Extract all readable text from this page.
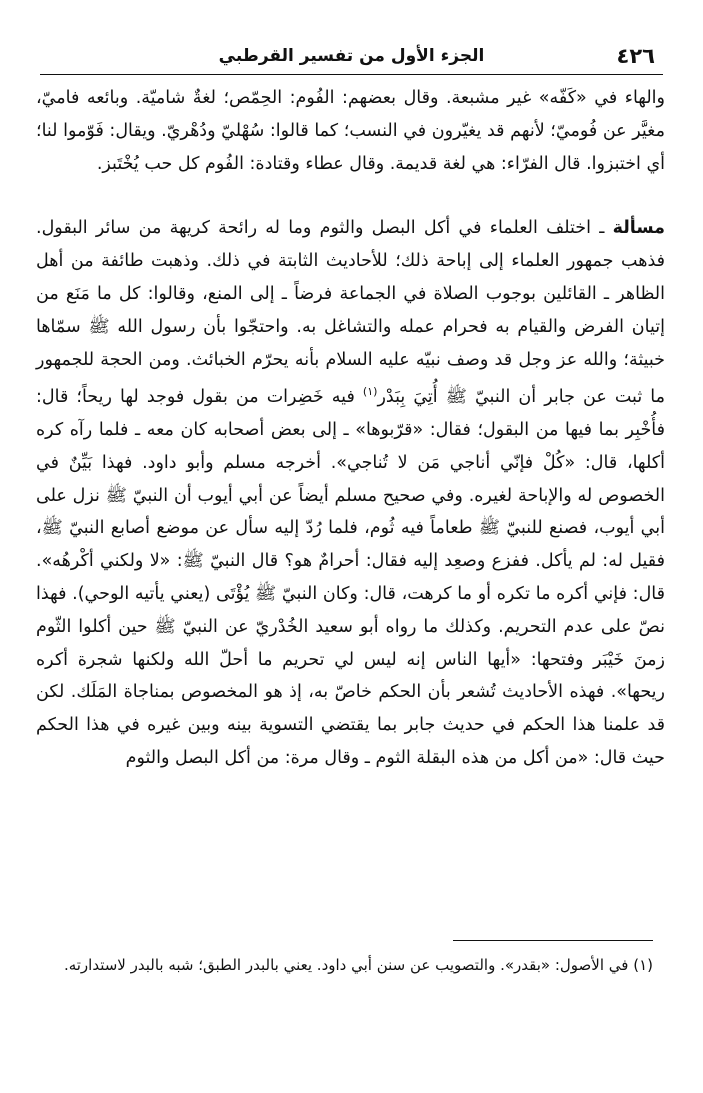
٤٢٦
الجزء الأول من تفسير القرطبي

والهاء في «كَفّه» غير مشبعة. وقال بعضهم: الفُوم: الحِمّص؛ لغةٌ شاميّة. وبائعه فاميّ، مغيَّر عن فُوميّ؛ لأنهم قد يغيّرون في النسب؛ كما قالوا: سُهْليّ ودُهْريّ. ويقال: فَوّموا لنا؛ أي اختبزوا. قال الفرّاء: هي لغة قديمة. وقال عطاء وقتادة: الفُوم كل حب يُخْتَبز.

مسألة ـ اختلف العلماء في أكل البصل والثوم وما له رائحة كريهة من سائر البقول. فذهب جمهور العلماء إلى إباحة ذلك؛ للأحاديث الثابتة في ذلك. وذهبت طائفة من أهل الظاهر ـ القائلين بوجوب الصلاة في الجماعة فرضاً ـ إلى المنع، وقالوا: كل ما مَنَع من إتيان الفرض والقيام به فحرام عمله والتشاغل به. واحتجّوا بأن رسول الله ﷺ سمّاها خبيثة؛ والله عز وجل قد وصف نبيّه عليه السلام بأنه يحرّم الخبائث. ومن الحجة للجمهور ما ثبت عن جابر أن النبيّ ﷺ أُتِيَ بِبَدْر$^{(١)}$ فيه خَضِرات من بقول فوجد لها ريحاً؛ قال: فأُخْبِر بما فيها من البقول؛ فقال: «قرّبوها» ـ إلى بعض أصحابه كان معه ـ فلما رآه كره أكلها، قال: «كُلْ فإنّي أناجي مَن لا تُناجي». أخرجه مسلم وأبو داود. فهذا بَيِّنٌ في الخصوص له والإباحة لغيره. وفي صحيح مسلم أيضاً عن أبي أيوب أن النبيّ ﷺ نزل على أبي أيوب، فصنع للنبيّ ﷺ طعاماً فيه ثُوم، فلما رُدّ إليه سأل عن موضع أصابع النبيّ ﷺ، فقيل له: لم يأكل. ففزع وصعِد إليه فقال: أحرامٌ هو؟ قال النبيّ ﷺ: «لا ولكني أكْرهُه». قال: فإني أكره ما تكره أو ما كرهت، قال: وكان النبيّ ﷺ يُؤْتَى (يعني يأتيه الوحي). فهذا نصّ على عدم التحريم. وكذلك ما رواه أبو سعيد الخُدْريّ عن النبيّ ﷺ حين أكلوا الثّوم زمنَ خَيْبَر وفتحها: «أيها الناس إنه ليس لي تحريم ما أحلّ الله ولكنها شجرة أكره ريحها». فهذه الأحاديث تُشعر بأن الحكم خاصّ به، إذ هو المخصوص بمناجاة المَلَك. لكن قد علمنا هذا الحكم في حديث جابر بما يقتضي التسوية بينه وبين غيره في هذا الحكم حيث قال: «من أكل من هذه البقلة الثوم ـ وقال مرة: من أكل البصل والثوم

(١) في الأصول: «بقدر». والتصويب عن سنن أبي داود. يعني بالبدر الطبق؛ شبه بالبدر لاستدارته.
